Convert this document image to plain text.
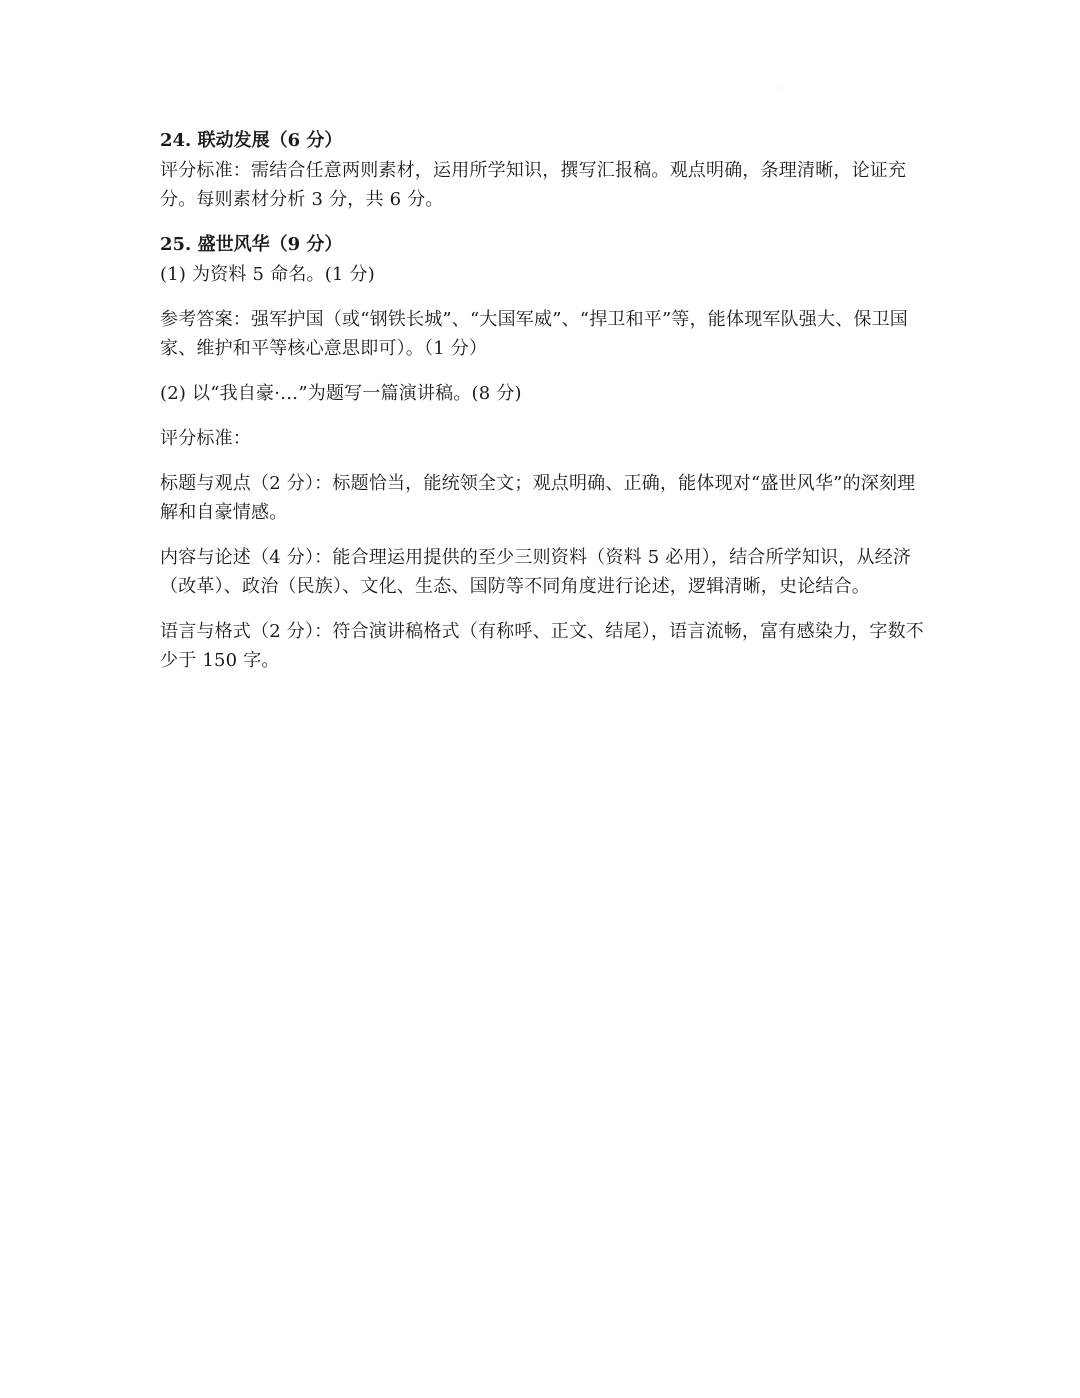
：

24. 联动发展（6 分）

评分标准：需结合任意两则素材，运用所学知识，撰写汇报稿。观点明确，条理清晰，论证充分。每则素材分析 3 分，共 6 分。

25. 盛世风华（9 分）

(1) 为资料 5 命名。(1 分)

参考答案：强军护国（或“钢铁长城”、“大国军威”、“捍卫和平”等，能体现军队强大、保卫国家、维护和平等核心意思即可）。（1 分）

(2) 以“我自豪·…”为题写一篇演讲稿。(8 分)

评分标准：

标题与观点（2 分）：标题恰当，能统领全文；观点明确、正确，能体现对“盛世风华”的深刻理解和自豪情感。

内容与论述（4 分）：能合理运用提供的至少三则资料（资料 5 必用），结合所学知识，从经济（改革）、政治（民族）、文化、生态、国防等不同角度进行论述，逻辑清晰，史论结合。

语言与格式（2 分）：符合演讲稿格式（有称呼、正文、结尾），语言流畅，富有感染力，字数不少于 150 字。
